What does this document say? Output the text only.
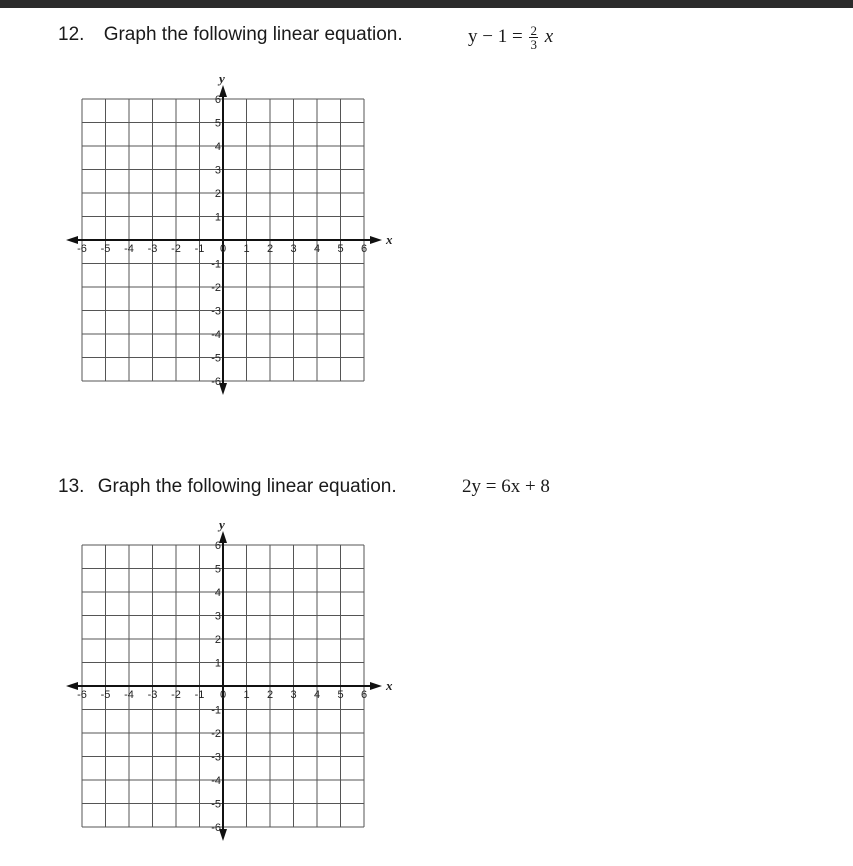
12. Graph the following linear equation.	$y - 1 = \frac{2}{3}$ x
-6 -5 -4 -3 -2 -1 0 1 2 3 4 5 6
6
5
4
3
2
1
-1
-2
-3
-4
-5
-6
x
y
13. Graph the following linear equation.	2y = 6x + 8
-6 -5 -4 -3 -2 -1 0 1 2 3 4 5 6
6
5
4
3
2
1
-1
-2
-3
-4
-5
-6
x
y
